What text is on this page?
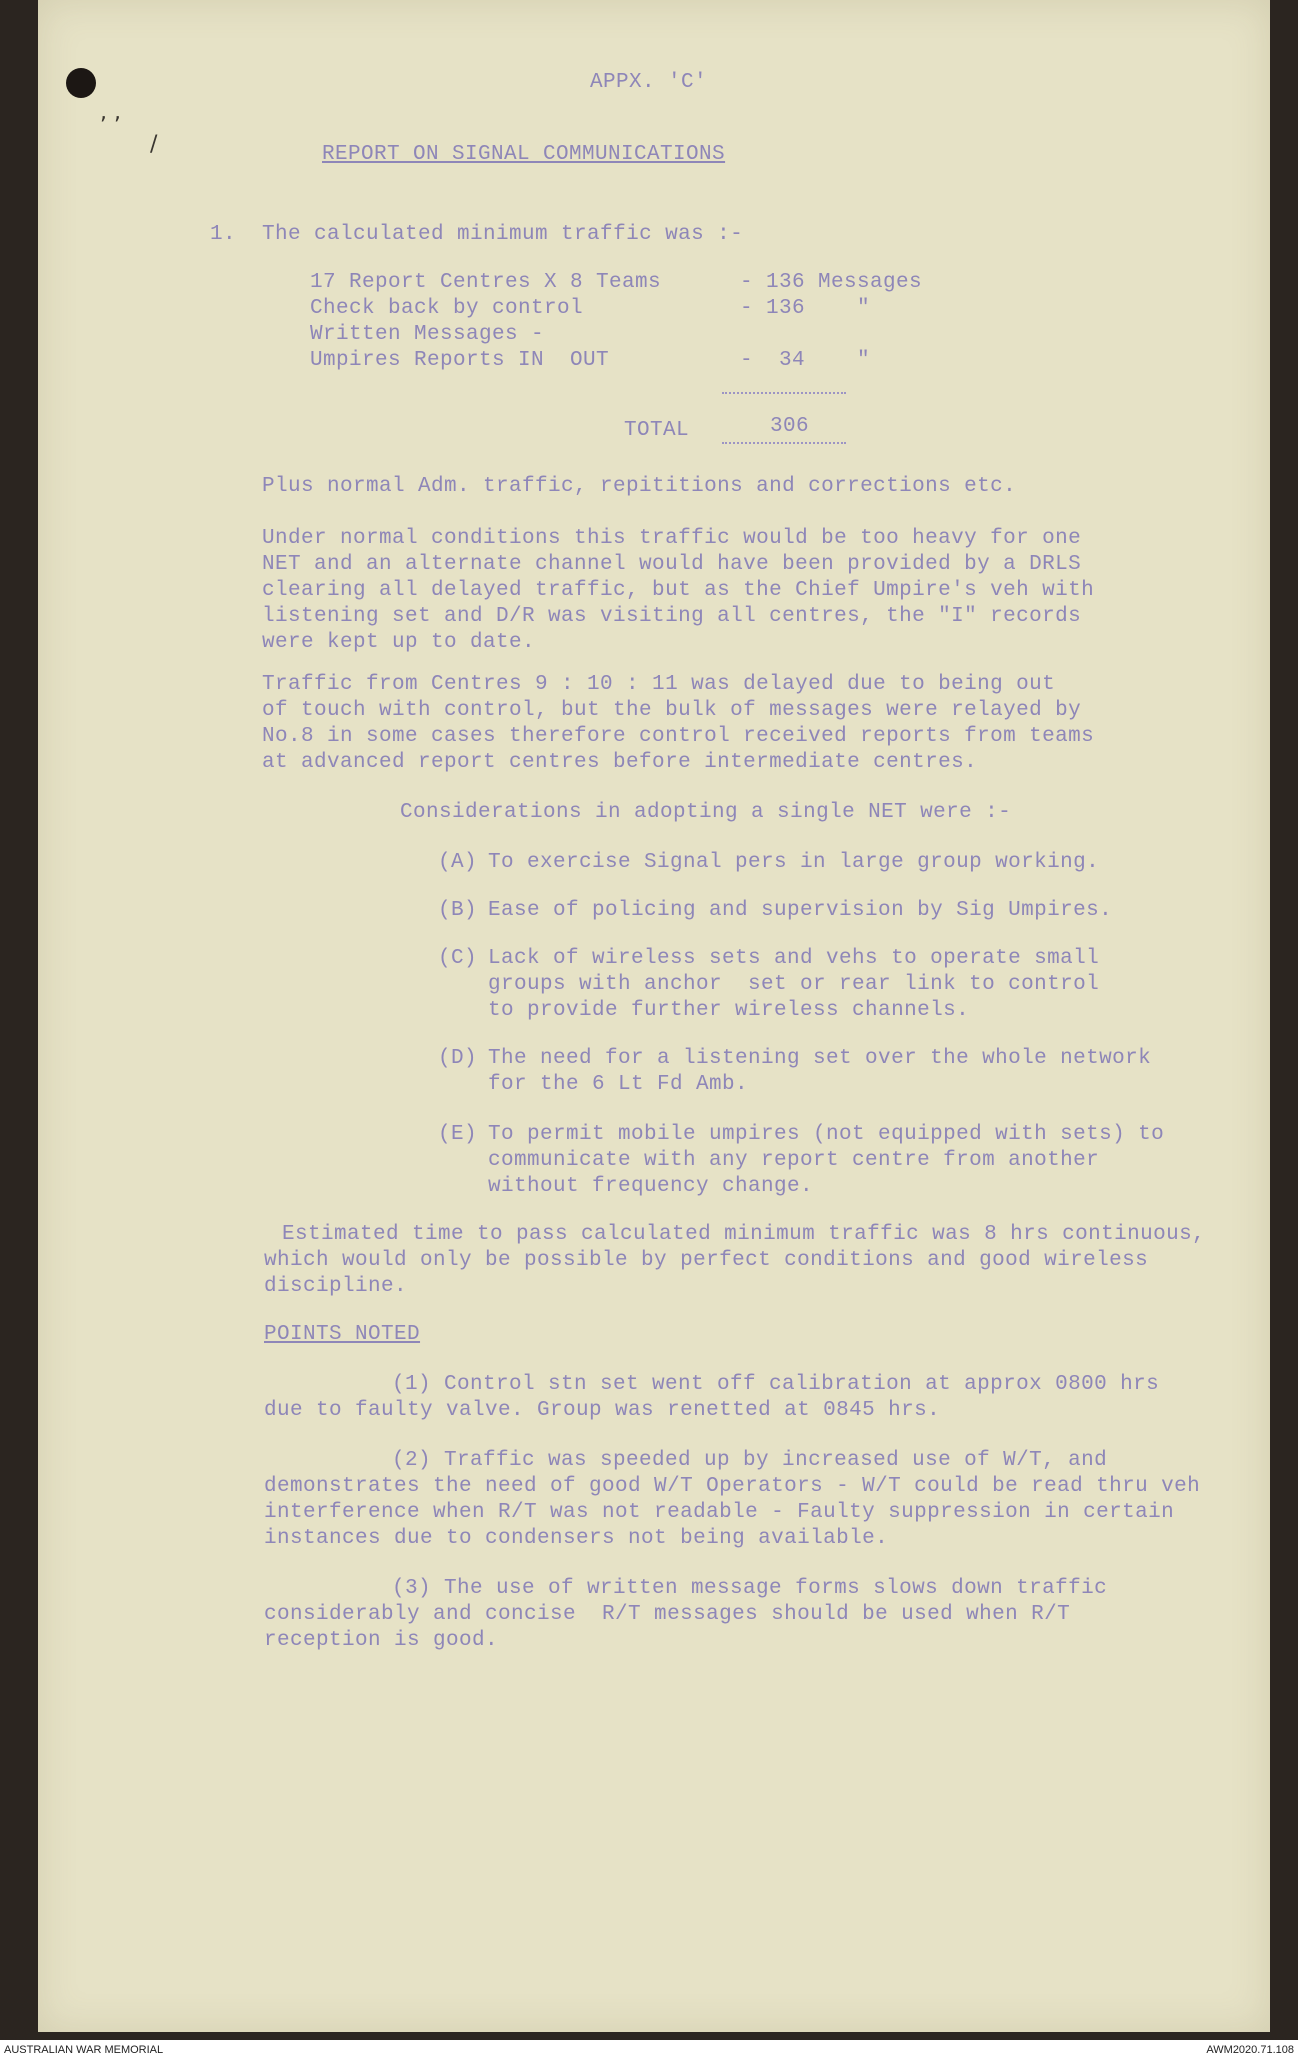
, ,
/
APPX. 'C'
REPORT ON SIGNAL COMMUNICATIONS
1.  The calculated minimum traffic was :-
17 Report Centres X 8 Teams	- 136 Messages
Check back by control	- 136    "
Written Messages -
Umpires Reports IN  OUT	-  34    "
TOTAL	306
Plus normal Adm. traffic, repititions and corrections etc.
Under normal conditions this traffic would be too heavy for one
NET and an alternate channel would have been provided by a DRLS
clearing all delayed traffic, but as the Chief Umpire's veh with
listening set and D/R was visiting all centres, the "I" records
were kept up to date.
Traffic from Centres 9 : 10 : 11 was delayed due to being out
of touch with control, but the bulk of messages were relayed by
No.8 in some cases therefore control received reports from teams
at advanced report centres before intermediate centres.
Considerations in adopting a single NET were :-
(A) To exercise Signal pers in large group working.
(B) Ease of policing and supervision by Sig Umpires.
(C) Lack of wireless sets and vehs to operate small
groups with anchor  set or rear link to control
to provide further wireless channels.
(D) The need for a listening set over the whole network
for the 6 Lt Fd Amb.
(E) To permit mobile umpires (not equipped with sets) to
communicate with any report centre from another
without frequency change.
Estimated time to pass calculated minimum traffic was 8 hrs continuous,
which would only be possible by perfect conditions and good wireless
discipline.
POINTS NOTED
(1) Control stn set went off calibration at approx 0800 hrs
due to faulty valve. Group was renetted at 0845 hrs.
(2) Traffic was speeded up by increased use of W/T, and
demonstrates the need of good W/T Operators - W/T could be read thru veh
interference when R/T was not readable - Faulty suppression in certain
instances due to condensers not being available.
(3) The use of written message forms slows down traffic
considerably and concise  R/T messages should be used when R/T
reception is good.
AUSTRALIAN WAR MEMORIAL	AWM2020.71.108
